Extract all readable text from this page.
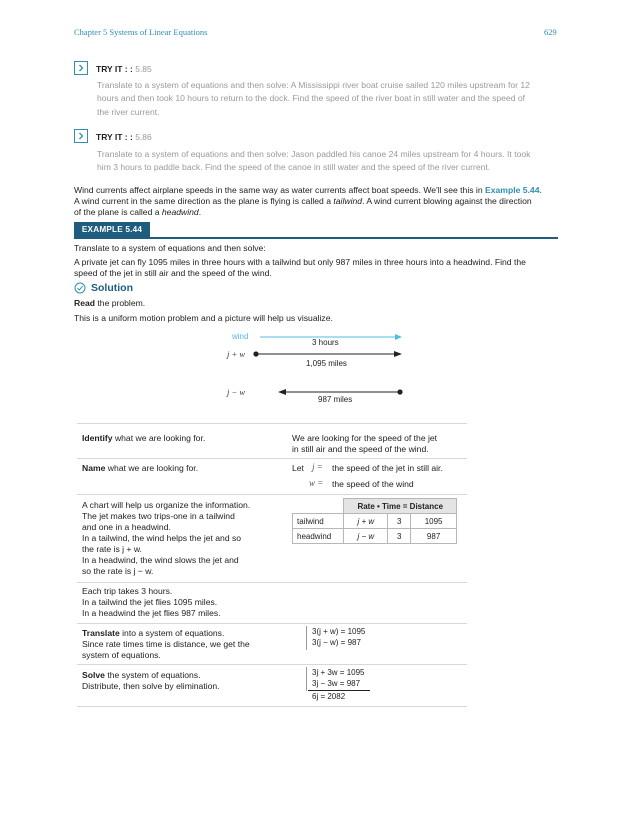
Chapter 5 Systems of Linear Equations	629
TRY IT : : 5.85
Translate to a system of equations and then solve: A Mississippi river boat cruise sailed 120 miles upstream for 12
hours and then took 10 hours to return to the dock. Find the speed of the river boat in still water and the speed of
the river current.
TRY IT : : 5.86
Translate to a system of equations and then solve: Jason paddled his canoe 24 miles upstream for 4 hours. It took
him 3 hours to paddle back. Find the speed of the canoe in still water and the speed of the river current.
Wind currents affect airplane speeds in the same way as water currents affect boat speeds. We'll see this in Example 5.44.
A wind current in the same direction as the plane is flying is called a tailwind. A wind current blowing against the direction
of the plane is called a headwind.
EXAMPLE 5.44
Translate to a system of equations and then solve:
A private jet can fly 1095 miles in three hours with a tailwind but only 987 miles in three hours into a headwind. Find the
speed of the jet in still air and the speed of the wind.
Solution
Read the problem.
This is a uniform motion problem and a picture will help us visualize.
wind
3 hours
j + w
1,095 miles
j − w
987 miles
Identify what we are looking for.	We are looking for the speed of the jet
in still air and the speed of the wind.
Name what we are looking for.	Let j = the speed of the jet in still air.
w = the speed of the wind
A chart will help us organize the information.
The jet makes two trips-one in a tailwind
and one in a headwind.
In a tailwind, the wind helps the jet and so
the rate is j + w.
In a headwind, the wind slows the jet and
so the rate is j − w.
	Rate • Time = Distance		
tailwind	j + w	3	1095
headwind	j − w	3	987
Each trip takes 3 hours.
In a tailwind the jet flies 1095 miles.
In a headwind the jet flies 987 miles.
Translate into a system of equations.
Since rate times time is distance, we get the
system of equations.
3(j + w) = 1095
3(j − w) = 987
Solve the system of equations.
Distribute, then solve by elimination.
3j + 3w = 1095
3j − 3w = 987
6j = 2082
